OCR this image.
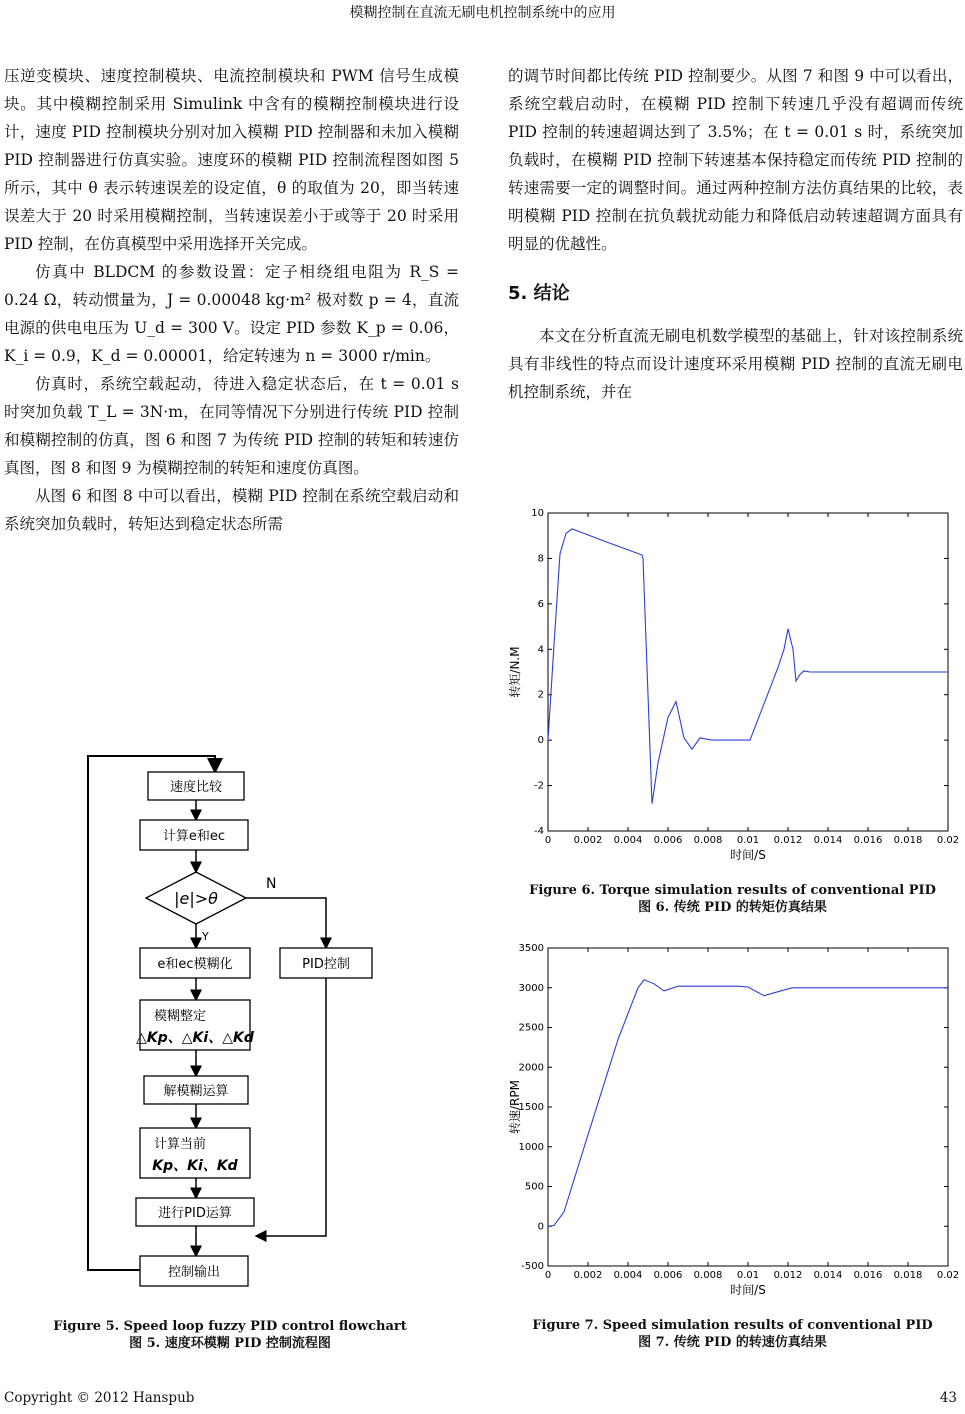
模糊控制在直流无刷电机控制系统中的应用

压逆变模块、速度控制模块、电流控制模块和 PWM 信号生成模块。其中模糊控制采用 Simulink 中含有的模糊控制模块进行设计，速度 PID 控制模块分别对加入模糊 PID 控制器和未加入模糊 PID 控制器进行仿真实验。速度环的模糊 PID 控制流程图如图 5 所示，其中 θ 表示转速误差的设定值，θ 的取值为 20，即当转速误差大于 20 时采用模糊控制，当转速误差小于或等于 20 时采用 PID 控制，在仿真模型中采用选择开关完成。

仿真中 BLDCM 的参数设置：定子相绕组电阻为 R_S = 0.24 Ω，转动惯量为，J = 0.00048 kg·m² 极对数 p = 4，直流电源的供电电压为 U_d = 300 V。设定 PID 参数 K_p = 0.06，K_i = 0.9，K_d = 0.00001，给定转速为 n = 3000 r/min。

仿真时，系统空载起动，待进入稳定状态后，在 t = 0.01 s 时突加负载 T_L = 3N·m，在同等情况下分别进行传统 PID 控制和模糊控制的仿真，图 6 和图 7 为传统 PID 控制的转矩和转速仿真图，图 8 和图 9 为模糊控制的转矩和速度仿真图。

从图 6 和图 8 中可以看出，模糊 PID 控制在系统空载启动和系统突加负载时，转矩达到稳定状态所需

的调节时间都比传统 PID 控制要少。从图 7 和图 9 中可以看出，系统空载启动时，在模糊 PID 控制下转速几乎没有超调而传统 PID 控制的转速超调达到了 3.5%；在 t = 0.01 s 时，系统突加负载时，在模糊 PID 控制下转速基本保持稳定而传统 PID 控制的转速需要一定的调整时间。通过两种控制方法仿真结果的比较，表明模糊 PID 控制在抗负载扰动能力和降低启动转速超调方面具有明显的优越性。

5. 结论

本文在分析直流无刷电机数学模型的基础上，针对该控制系统具有非线性的特点而设计速度环采用模糊 PID 控制的直流无刷电机控制系统，并在

速度比较
计算e和ec
|e|>θ
N
Y
e和ec模糊化	PID控制
模糊整定
△Kp、△Ki、△Kd
解模糊运算
计算当前
Kp、Ki、Kd
进行PID运算
控制输出
Figure 5. Speed loop fuzzy PID control flowchart
图 5. 速度环模糊 PID 控制流程图
0 0.002 0.004 0.006 0.008 0.01 0.012 0.014 0.016 0.018 0.02
-4
-2
0
2
4
6
8
10
时间/S
转矩/N.M
Figure 6. Torque simulation results of conventional PID
图 6. 传统 PID 的转矩仿真结果
0 0.002 0.004 0.006 0.008 0.01 0.012 0.014 0.016 0.018 0.02
-500
0
500
1000
1500
2000
2500
3000
3500
时间/S
转速/RPM
Figure 7. Speed simulation results of conventional PID
图 7. 传统 PID 的转速仿真结果
Copyright © 2012 Hanspub	43
